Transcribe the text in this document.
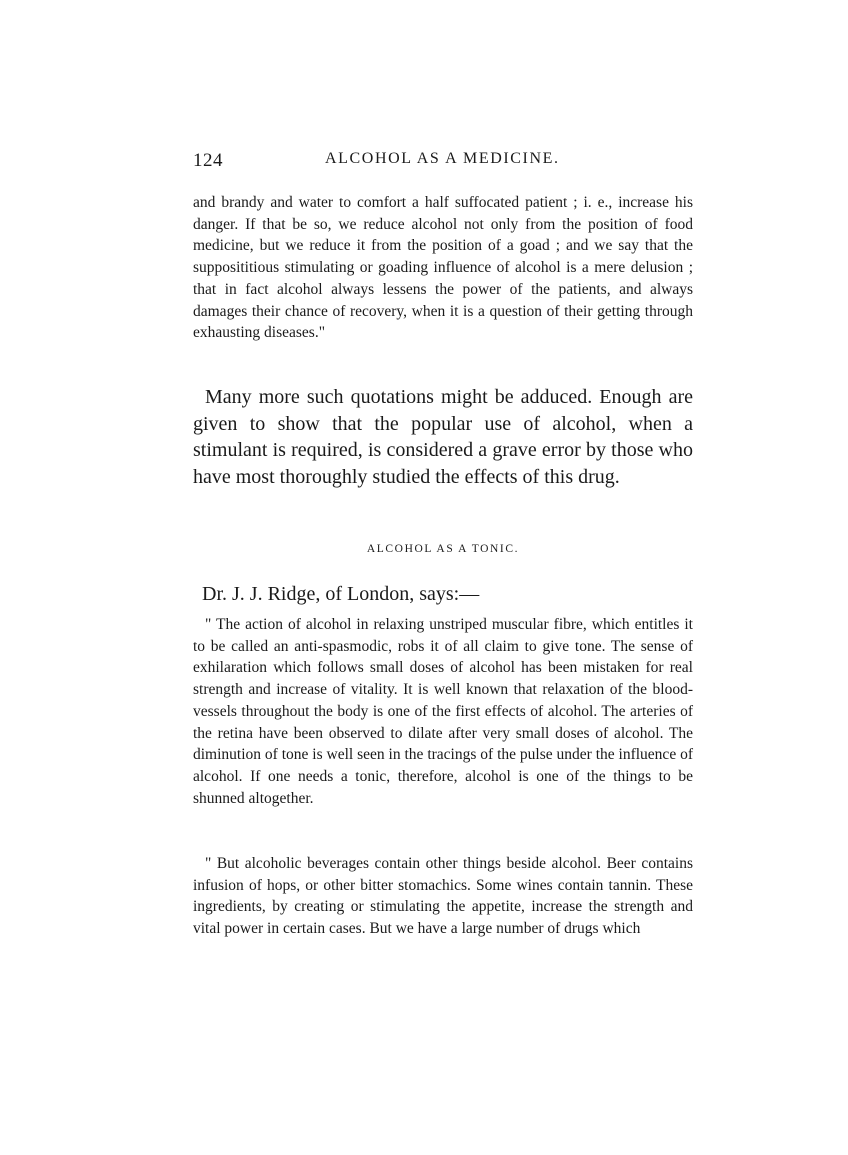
124	ALCOHOL AS A MEDICINE.

and brandy and water to comfort a half suffocated patient ; i. e., increase his danger. If that be so, we reduce alcohol not only from the position of food medicine, but we reduce it from the position of a goad ; and we say that the supposititious stimulating or goading influence of alcohol is a mere delusion ; that in fact alcohol always lessens the power of the patients, and always damages their chance of recovery, when it is a question of their getting through exhausting diseases."

Many more such quotations might be adduced. Enough are given to show that the popular use of alcohol, when a stimulant is required, is considered a grave error by those who have most thoroughly studied the effects of this drug.

ALCOHOL AS A TONIC.
Dr. J. J. Ridge, of London, says:—

" The action of alcohol in relaxing unstriped muscular fibre, which entitles it to be called an anti-spasmodic, robs it of all claim to give tone. The sense of exhilaration which follows small doses of alcohol has been mistaken for real strength and increase of vitality. It is well known that relaxation of the blood-vessels throughout the body is one of the first effects of alcohol. The arteries of the retina have been observed to dilate after very small doses of alcohol. The diminution of tone is well seen in the tracings of the pulse under the influence of alcohol. If one needs a tonic, therefore, alcohol is one of the things to be shunned altogether.

" But alcoholic beverages contain other things beside alcohol. Beer contains infusion of hops, or other bitter stomachics. Some wines contain tannin. These ingredients, by creating or stimulating the appetite, increase the strength and vital power in certain cases. But we have a large number of drugs which
